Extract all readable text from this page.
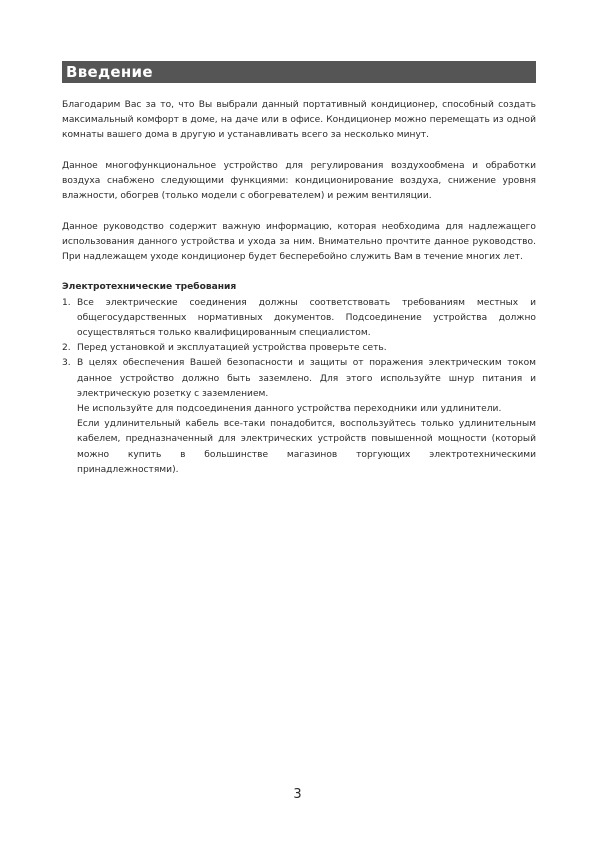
Введение

Благодарим Вас за то, что Вы выбрали данный портативный кондиционер, способный создать максимальный комфорт в доме, на даче или в офисе. Кондиционер можно перемещать из одной комнаты вашего дома в другую и устанавливать всего за несколько минут.

Данное многофункциональное устройство для регулирования воздухообмена и обработки воздуха снабжено следующими функциями: кондиционирование воздуха, снижение уровня влажности, обогрев (только модели с обогревателем) и режим вентиляции.

Данное руководство содержит важную информацию, которая необходима для надлежащего использования данного устройства и ухода за ним. Внимательно прочтите данное руководство. При надлежащем уходе кондиционер будет бесперебойно служить Вам в течение многих лет.

Электротехнические требования
1. Все электрические соединения должны соответствовать требованиям местных и общегосударственных нормативных документов. Подсоединение устройства должно осуществляться только квалифицированным специалистом.
2. Перед установкой и эксплуатацией устройства проверьте сеть.
3. В целях обеспечения Вашей безопасности и защиты от поражения электрическим током данное устройство должно быть заземлено. Для этого используйте шнур питания и электрическую розетку с заземлением.
Не используйте для подсоединения данного устройства переходники или удлинители.
Если удлинительный кабель все-таки понадобится, воспользуйтесь только удлинительным кабелем, предназначенный для электрических устройств повышенной мощности (который можно купить в большинстве магазинов торгующих электротехническими принадлежностями).
3
